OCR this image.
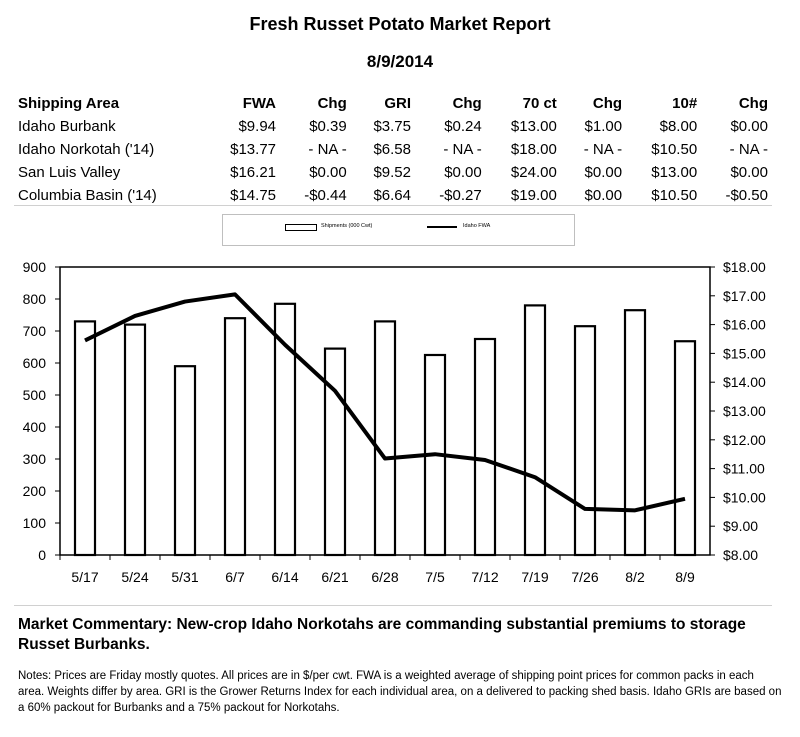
Fresh Russet Potato Market Report
8/9/2014
Shipping Area	FWA	Chg	GRI	Chg	70 ct	Chg	10#	Chg
Idaho Burbank	$9.94	$0.39	$3.75	$0.24	$13.00	$1.00	$8.00	$0.00
Idaho Norkotah ('14)	$13.77	- NA -	$6.58	- NA -	$18.00	- NA -	$10.50	- NA -
San Luis Valley	$16.21	$0.00	$9.52	$0.00	$24.00	$0.00	$13.00	$0.00
Columbia Basin ('14)	$14.75	-$0.44	$6.64	-$0.27	$19.00	$0.00	$10.50	-$0.50
Shipments (000 Cwt)	Idaho FWA
0
100
200
300
400
500
600
700
800
900
$8.00
$9.00
$10.00
$11.00
$12.00
$13.00
$14.00
$15.00
$16.00
$17.00
$18.00
5/17 5/24 5/31 6/7 6/14 6/21 6/28 7/5 7/12 7/19 7/26 8/2 8/9
Market Commentary: New-crop Idaho Norkotahs are commanding substantial premiums to storage Russet Burbanks.
Notes: Prices are Friday mostly quotes. All prices are in $/per cwt. FWA is a weighted average of shipping point prices for common packs in each area. Weights differ by area. GRI is the Grower Returns Index for each individual area, on a delivered to packing shed basis. Idaho GRIs are based on a 60% packout for Burbanks and a 75% packout for Norkotahs.
